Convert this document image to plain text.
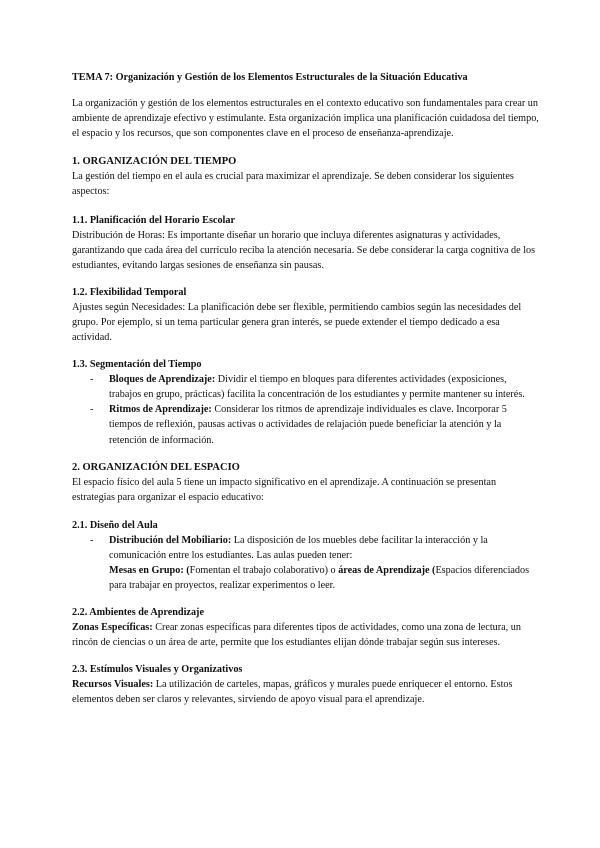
TEMA 7: Organización y Gestión de los Elementos Estructurales de la Situación Educativa

La organización y gestión de los elementos estructurales en el contexto educativo son fundamentales para crear un ambiente de aprendizaje efectivo y estimulante. Esta organización implica una planificación cuidadosa del tiempo, el espacio y los recursos, que son componentes clave en el proceso de enseñanza-aprendizaje.

1. ORGANIZACIÓN DEL TIEMPO

La gestión del tiempo en el aula es crucial para maximizar el aprendizaje. Se deben considerar los siguientes aspectos:

1.1. Planificación del Horario Escolar

Distribución de Horas: Es importante diseñar un horario que incluya diferentes asignaturas y actividades, garantizando que cada área del currículo reciba la atención necesaria. Se debe considerar la carga cognitiva de los estudiantes, evitando largas sesiones de enseñanza sin pausas.

1.2. Flexibilidad Temporal

Ajustes según Necesidades: La planificación debe ser flexible, permitiendo cambios según las necesidades del grupo. Por ejemplo, si un tema particular genera gran interés, se puede extender el tiempo dedicado a esa actividad.

1.3. Segmentación del Tiempo
- Bloques de Aprendizaje: Dividir el tiempo en bloques para diferentes actividades (exposiciones, trabajos en grupo, prácticas) facilita la concentración de los estudiantes y permite mantener su interés.
- Ritmos de Aprendizaje: Considerar los ritmos de aprendizaje individuales es clave. Incorporar 5 tiempos de reflexión, pausas activas o actividades de relajación puede beneficiar la atención y la retención de información.
2. ORGANIZACIÓN DEL ESPACIO

El espacio físico del aula 5 tiene un impacto significativo en el aprendizaje. A continuación se presentan estrategias para organizar el espacio educativo:

2.1. Diseño del Aula
- Distribución del Mobiliario: La disposición de los muebles debe facilitar la interacción y la comunicación entre los estudiantes. Las aulas pueden tener:

Mesas en Grupo: (Fomentan el trabajo colaborativo) o áreas de Aprendizaje (Espacios diferenciados para trabajar en proyectos, realizar experimentos o leer.

2.2. Ambientes de Aprendizaje

Zonas Específicas: Crear zonas específicas para diferentes tipos de actividades, como una zona de lectura, un rincón de ciencias o un área de arte, permite que los estudiantes elijan dónde trabajar según sus intereses.

2.3. Estímulos Visuales y Organizativos

Recursos Visuales: La utilización de carteles, mapas, gráficos y murales puede enriquecer el entorno. Estos elementos deben ser claros y relevantes, sirviendo de apoyo visual para el aprendizaje.
